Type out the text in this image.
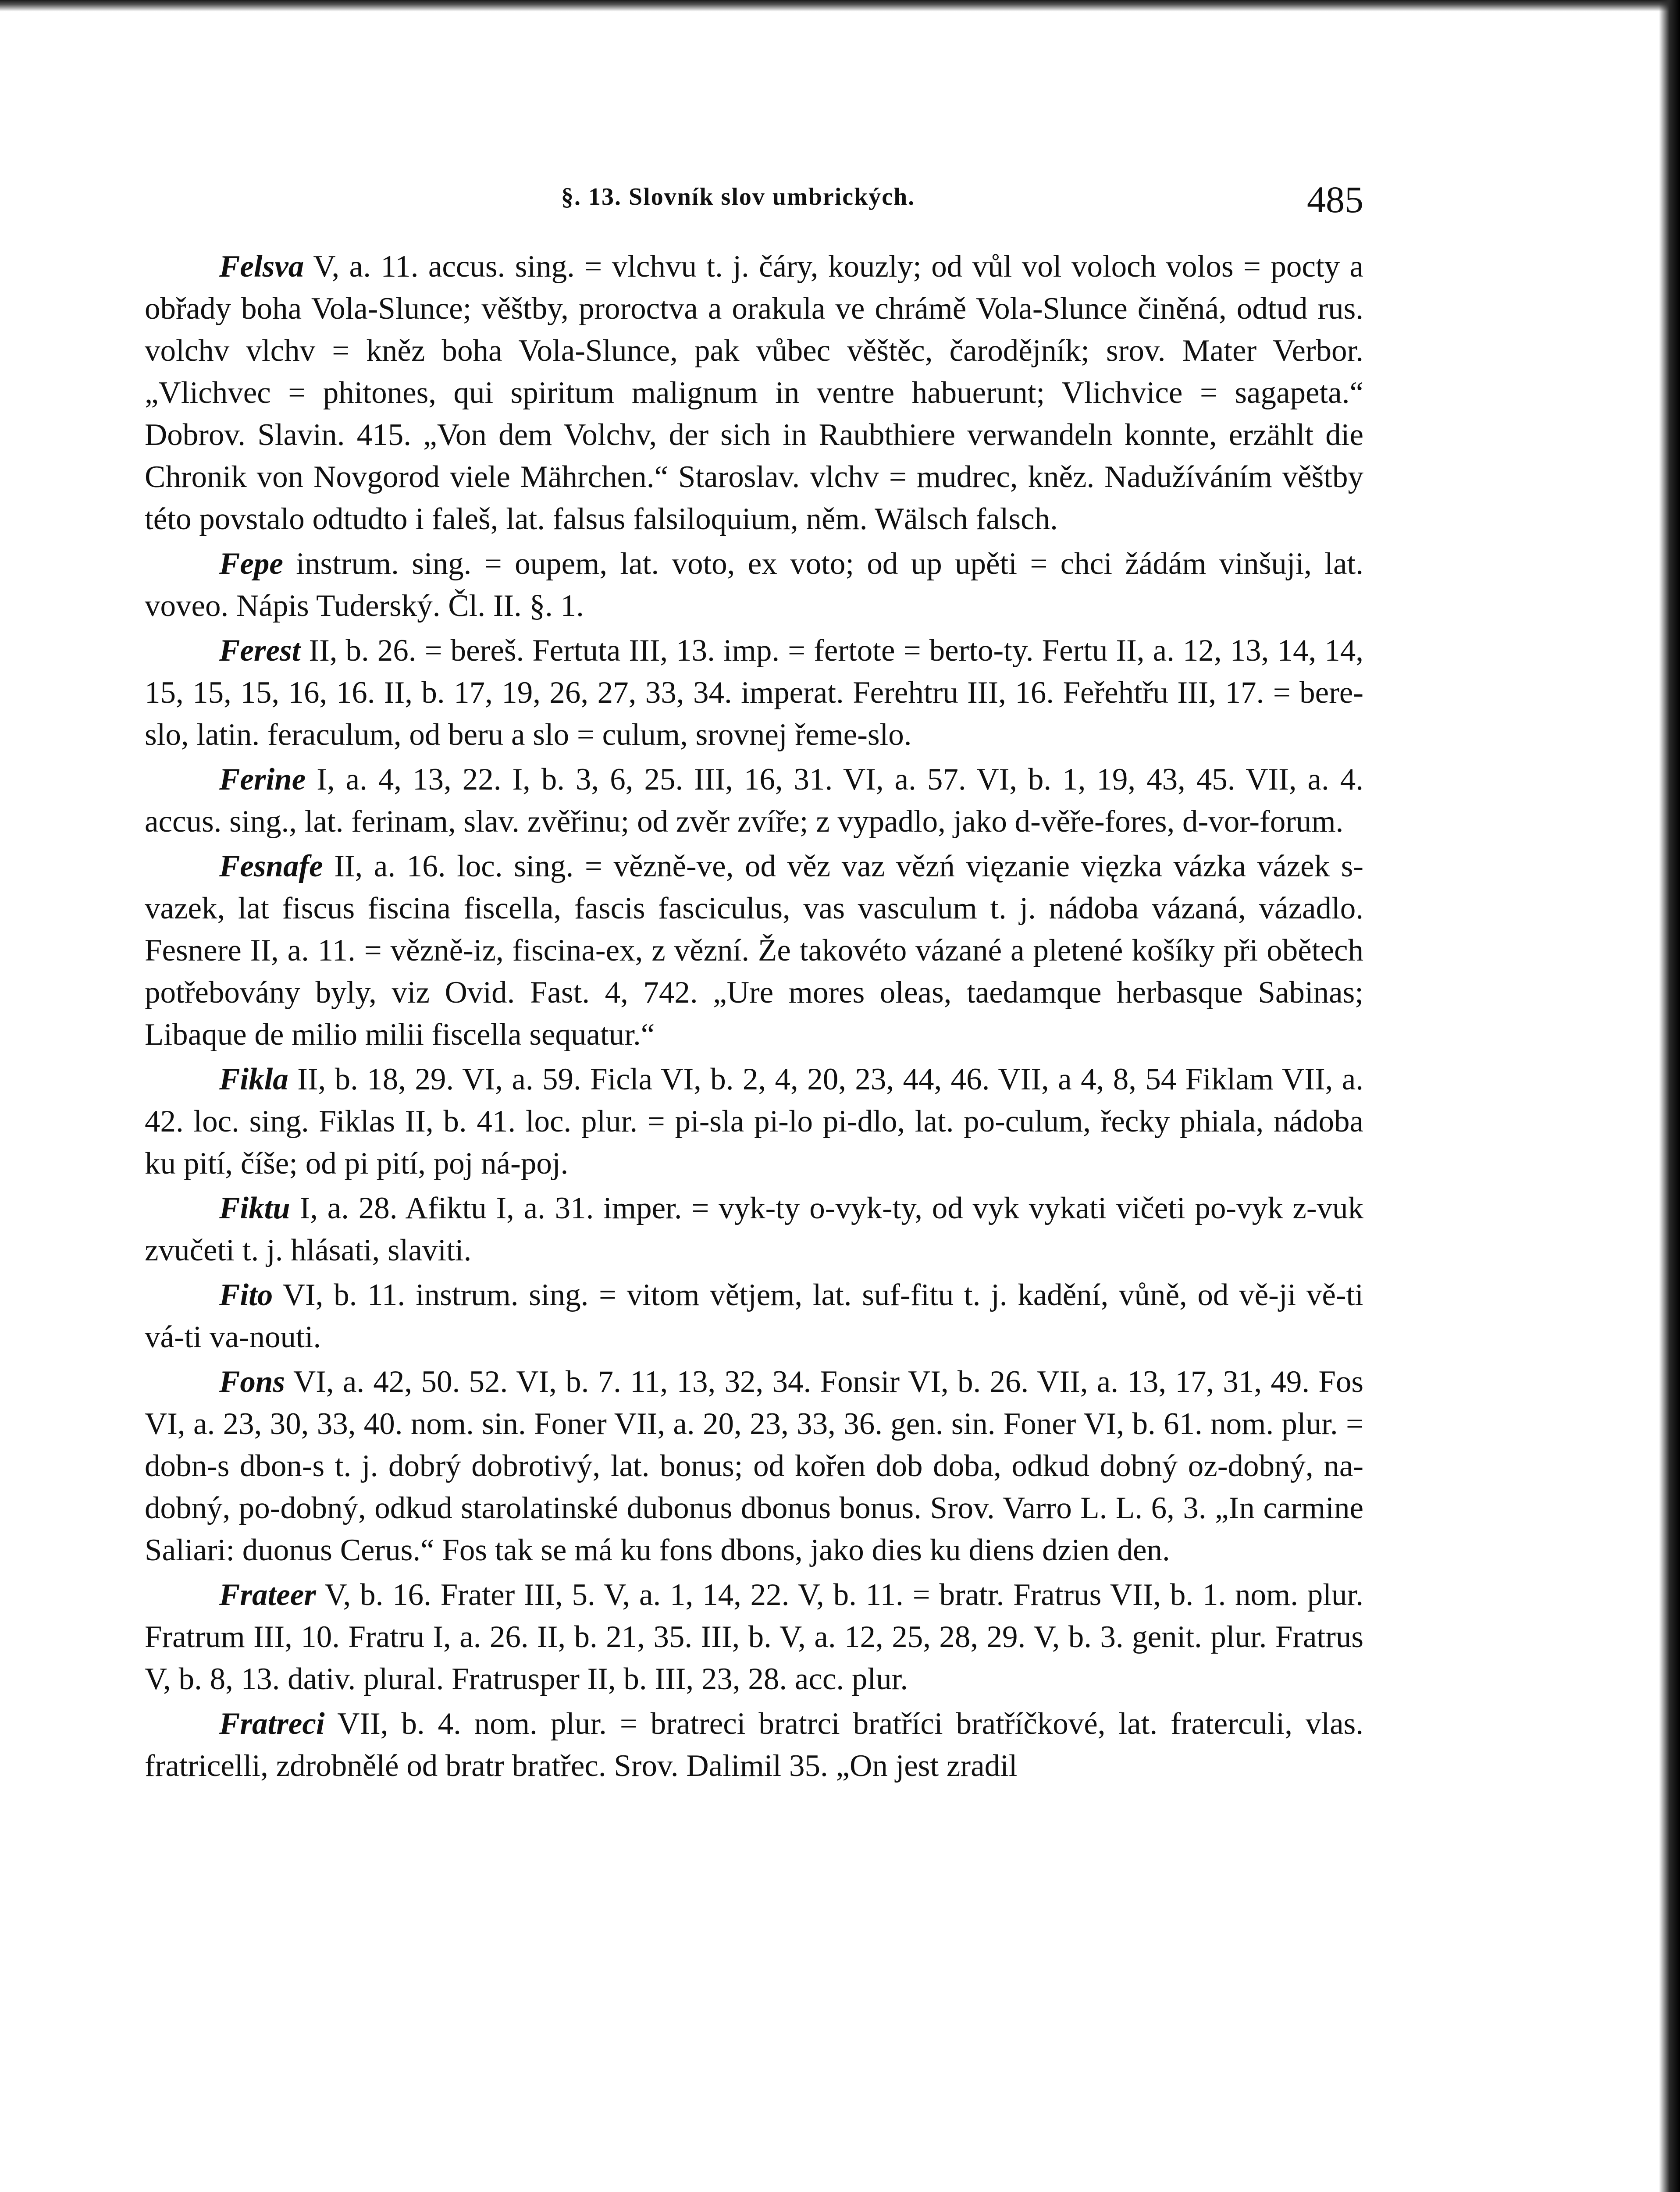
§. 13. Slovník slov umbrických.	485

Felsva V, a. 11. accus. sing. = vlchvu t. j. čáry, kouzly; od vůl vol voloch volos = pocty a obřady boha Vola-Slunce; věštby, proroctva a orakula ve chrámě Vola-Slunce činěná, odtud rus. volchv vlchv = kněz boha Vola-Slunce, pak vůbec věštěc, čarodějník; srov. Mater Verbor. „Vlichvec = phitones, qui spiritum malignum in ventre habuerunt; Vlichvice = sagapeta.“ Dobrov. Slavin. 415. „Von dem Volchv, der sich in Raubthiere verwandeln konnte, erzählt die Chronik von Novgorod viele Mährchen.“ Staroslav. vlchv = mudrec, kněz. Nadužíváním věštby této povstalo odtudto i faleš, lat. falsus falsiloquium, něm. Wälsch falsch.

Fepe instrum. sing. = oupem, lat. voto, ex voto; od up upěti = chci žádám vinšuji, lat. voveo. Nápis Tuderský. Čl. II. §. 1.

Ferest II, b. 26. = bereš. Fertuta III, 13. imp. = fertote = berto-ty. Fertu II, a. 12, 13, 14, 14, 15, 15, 15, 16, 16. II, b. 17, 19, 26, 27, 33, 34. imperat. Ferehtru III, 16. Feřehtřu III, 17. = bere-slo, latin. feraculum, od beru a slo = culum, srovnej řeme-slo.

Ferine I, a. 4, 13, 22. I, b. 3, 6, 25. III, 16, 31. VI, a. 57. VI, b. 1, 19, 43, 45. VII, a. 4. accus. sing., lat. ferinam, slav. zvěřinu; od zvěr zvíře; z vypadlo, jako d-věře-fores, d-vor-forum.

Fesnafe II, a. 16. loc. sing. = vězně-ve, od věz vaz vězń vięzanie vięzka vázka vázek s-vazek, lat fiscus fiscina fiscella, fascis fasciculus, vas vasculum t. j. nádoba vázaná, vázadlo. Fesnere II, a. 11. = vězně-iz, fiscina-ex, z vězní. Že takovéto vázané a pletené košíky při obětech potřebovány byly, viz Ovid. Fast. 4, 742. „Ure mores oleas, taedamque herbasque Sabinas; Libaque de milio milii fiscella sequatur.“

Fikla II, b. 18, 29. VI, a. 59. Ficla VI, b. 2, 4, 20, 23, 44, 46. VII, a 4, 8, 54 Fiklam VII, a. 42. loc. sing. Fiklas II, b. 41. loc. plur. = pi-sla pi-lo pi-dlo, lat. po-culum, řecky phiala, nádoba ku pití, číše; od pi pití, poj ná-poj.

Fiktu I, a. 28. Afiktu I, a. 31. imper. = vyk-ty o-vyk-ty, od vyk vykati vičeti po-vyk z-vuk zvučeti t. j. hlásati, slaviti.

Fito VI, b. 11. instrum. sing. = vitom větjem, lat. suf-fitu t. j. kadění, vůně, od vě-ji vě-ti vá-ti va-nouti.

Fons VI, a. 42, 50. 52. VI, b. 7. 11, 13, 32, 34. Fonsir VI, b. 26. VII, a. 13, 17, 31, 49. Fos VI, a. 23, 30, 33, 40. nom. sin. Foner VII, a. 20, 23, 33, 36. gen. sin. Foner VI, b. 61. nom. plur. = dobn-s dbon-s t. j. dobrý dobrotivý, lat. bonus; od kořen dob doba, odkud dobný oz-dobný, na-dobný, po-dobný, odkud starolatinské dubonus dbonus bonus. Srov. Varro L. L. 6, 3. „In carmine Saliari: duonus Cerus.“ Fos tak se má ku fons dbons, jako dies ku diens dzien den.

Frateer V, b. 16. Frater III, 5. V, a. 1, 14, 22. V, b. 11. = bratr. Fratrus VII, b. 1. nom. plur. Fratrum III, 10. Fratru I, a. 26. II, b. 21, 35. III, b. V, a. 12, 25, 28, 29. V, b. 3. genit. plur. Fratrus V, b. 8, 13. dativ. plural. Fratrusper II, b. III, 23, 28. acc. plur.

Fratreci VII, b. 4. nom. plur. = bratreci bratrci bratříci bratříčkové, lat. fraterculi, vlas. fratricelli, zdrobnělé od bratr bratřec. Srov. Dalimil 35. „On jest zradil
